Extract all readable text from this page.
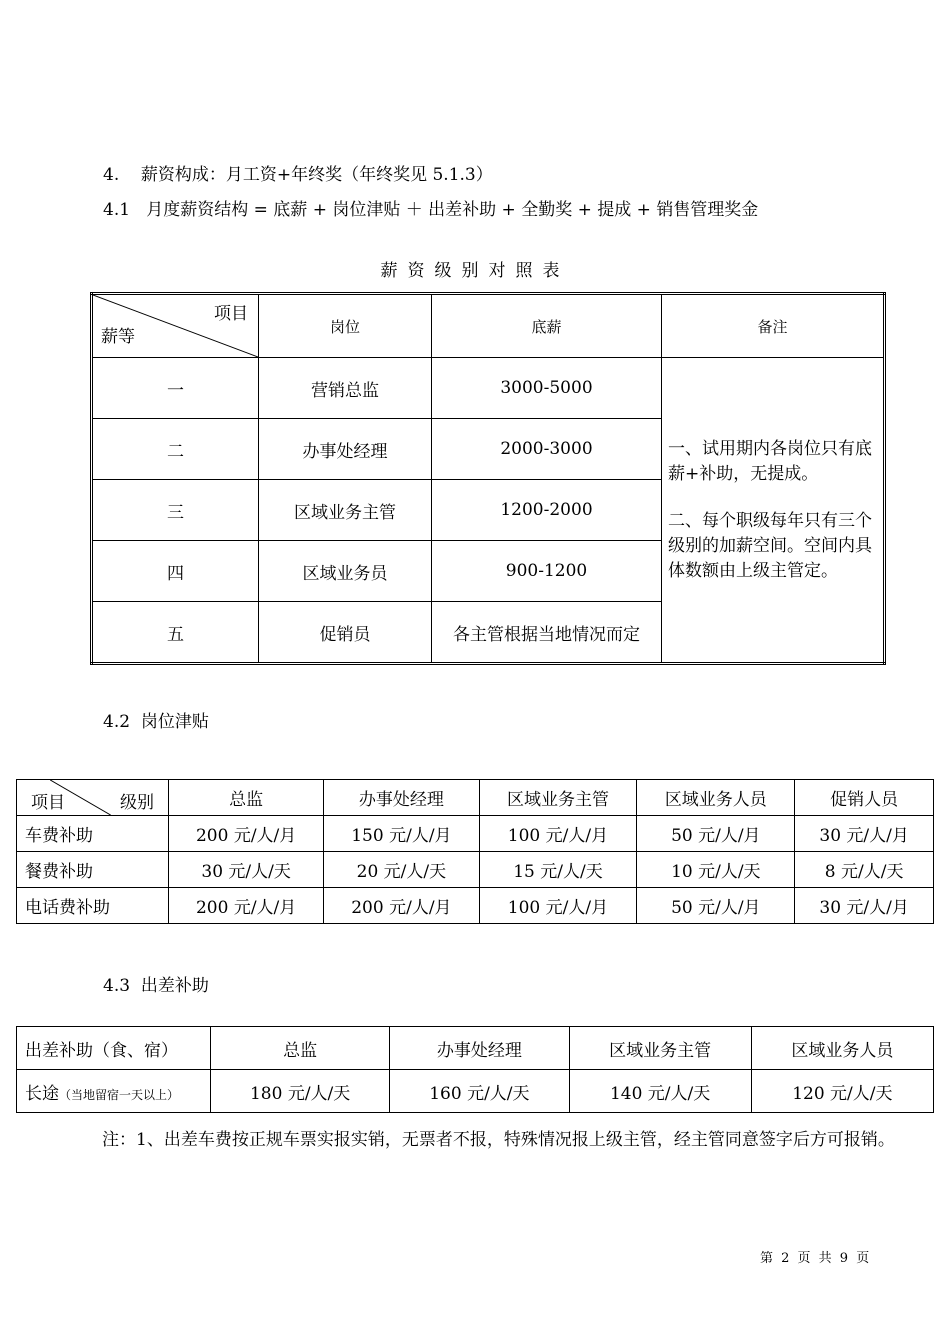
4.    薪资构成：月工资+年终奖（年终奖见 5.1.3）
4.1   月度薪资结构 = 底薪 + 岗位津贴 ＋ 出差补助 + 全勤奖 + 提成 + 销售管理奖金
薪资级别对照表
项目
薪等	岗位	底薪	备注
一	营销总监	3000-5000	一、试用期内各岗位只有底薪+补助，无提成。
二、每个职级每年只有三个级别的加薪空间。空间内具体数额由上级主管定。

二	办事处经理	2000-3000	
三	区域业务主管	1200-2000	
四	区域业务员	900-1200	
五	促销员	各主管根据当地情况而定	
4.2  岗位津贴
项目 级别	总监	办事处经理	区域业务主管	区域业务人员	促销人员
车费补助	200 元/人/月	150 元/人/月	100 元/人/月	50 元/人/月	30 元/人/月
餐费补助	30 元/人/天	20 元/人/天	15 元/人/天	10 元/人/天	8 元/人/天
电话费补助	200 元/人/月	200 元/人/月	100 元/人/月	50 元/人/月	30 元/人/月
4.3  出差补助
出差补助（食、宿）	总监	办事处经理	区域业务主管	区域业务人员
长途（当地留宿一天以上）	180 元/人/天	160 元/人/天	140 元/人/天	120 元/人/天
注：1、出差车费按正规车票实报实销，无票者不报，特殊情况报上级主管，经主管同意签字后方可报销。
第 2 页 共 9 页
